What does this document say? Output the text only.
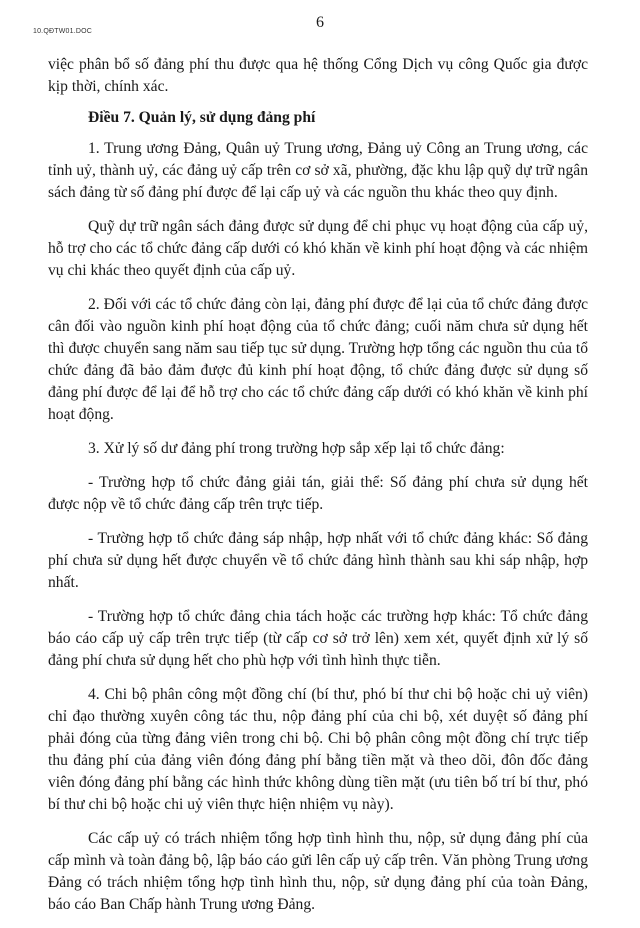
10.QĐTW01.DOC
6

việc phân bổ số đảng phí thu được qua hệ thống Cổng Dịch vụ công Quốc gia được kịp thời, chính xác.

Điều 7. Quản lý, sử dụng đảng phí

1. Trung ương Đảng, Quân uỷ Trung ương, Đảng uỷ Công an Trung ương, các tỉnh uỷ, thành uỷ, các đảng uỷ cấp trên cơ sở xã, phường, đặc khu lập quỹ dự trữ ngân sách đảng từ số đảng phí được để lại cấp uỷ và các nguồn thu khác theo quy định.

Quỹ dự trữ ngân sách đảng được sử dụng để chi phục vụ hoạt động của cấp uỷ, hỗ trợ cho các tổ chức đảng cấp dưới có khó khăn về kinh phí hoạt động và các nhiệm vụ chi khác theo quyết định của cấp uỷ.

2. Đối với các tổ chức đảng còn lại, đảng phí được để lại của tổ chức đảng được cân đối vào nguồn kinh phí hoạt động của tổ chức đảng; cuối năm chưa sử dụng hết thì được chuyển sang năm sau tiếp tục sử dụng. Trường hợp tổng các nguồn thu của tổ chức đảng đã bảo đảm được đủ kinh phí hoạt động, tổ chức đảng được sử dụng số đảng phí được để lại để hỗ trợ cho các tổ chức đảng cấp dưới có khó khăn về kinh phí hoạt động.

3. Xử lý số dư đảng phí trong trường hợp sắp xếp lại tổ chức đảng:

- Trường hợp tổ chức đảng giải tán, giải thể: Số đảng phí chưa sử dụng hết được nộp về tổ chức đảng cấp trên trực tiếp.

- Trường hợp tổ chức đảng sáp nhập, hợp nhất với tổ chức đảng khác: Số đảng phí chưa sử dụng hết được chuyển về tổ chức đảng hình thành sau khi sáp nhập, hợp nhất.

- Trường hợp tổ chức đảng chia tách hoặc các trường hợp khác: Tổ chức đảng báo cáo cấp uỷ cấp trên trực tiếp (từ cấp cơ sở trở lên) xem xét, quyết định xử lý số đảng phí chưa sử dụng hết cho phù hợp với tình hình thực tiễn.

4. Chi bộ phân công một đồng chí (bí thư, phó bí thư chi bộ hoặc chi uỷ viên) chỉ đạo thường xuyên công tác thu, nộp đảng phí của chi bộ, xét duyệt số đảng phí phải đóng của từng đảng viên trong chi bộ. Chi bộ phân công một đồng chí trực tiếp thu đảng phí của đảng viên đóng đảng phí bằng tiền mặt và theo dõi, đôn đốc đảng viên đóng đảng phí bằng các hình thức không dùng tiền mặt (ưu tiên bố trí bí thư, phó bí thư chi bộ hoặc chi uỷ viên thực hiện nhiệm vụ này).

Các cấp uỷ có trách nhiệm tổng hợp tình hình thu, nộp, sử dụng đảng phí của cấp mình và toàn đảng bộ, lập báo cáo gửi lên cấp uỷ cấp trên. Văn phòng Trung ương Đảng có trách nhiệm tổng hợp tình hình thu, nộp, sử dụng đảng phí của toàn Đảng, báo cáo Ban Chấp hành Trung ương Đảng.
